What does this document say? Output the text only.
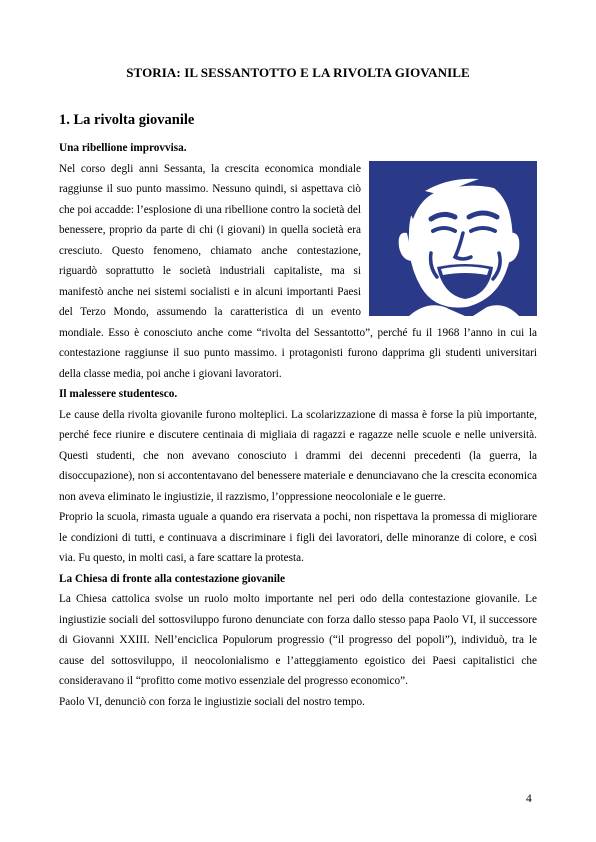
STORIA: IL SESSANTOTTO E LA RIVOLTA GIOVANILE
1. La rivolta giovanile

Una ribellione improvvisa.

Nel corso degli anni Sessanta, la crescita economica mondiale raggiunse il suo punto massimo. Nessuno quindi, si aspettava ciò che poi accadde: l’esplosione di una ribellione contro la società del benessere, proprio da parte di chi (i giovani) in quella società era cresciuto. Questo fenomeno, chiamato anche contestazione, riguardò soprattutto le società industriali capitaliste, ma si manifestò anche nei sistemi socialisti e in alcuni importanti Paesi del Terzo Mondo, assumendo la caratteristica di un evento mondiale. Esso è conosciuto anche come “rivolta del Sessantotto”, perché fu il 1968 l’anno in cui la contestazione raggiunse il suo punto massimo. i protagonisti furono dapprima gli studenti universitari della classe media, poi anche i giovani lavoratori.

Il malessere studentesco.

Le cause della rivolta giovanile furono molteplici. La scolarizzazione di massa è forse la più importante, perché fece riunire e discutere centinaia di migliaia di ragazzi e ragazze nelle scuole e nelle università. Questi studenti, che non avevano conosciuto i drammi dei decenni precedenti (la guerra, la disoccupazione), non si accontentavano del benessere materiale e denunciavano che la crescita economica non aveva eliminato le ingiustizie, il razzismo, l’oppressione neocoloniale e le guerre.

Proprio la scuola, rimasta uguale a quando era riservata a pochi, non rispettava la promessa di migliorare le condizioni di tutti, e continuava a discriminare i figli dei lavoratori, delle minoranze di colore, e così via. Fu questo, in molti casi, a fare scattare la protesta.

La Chiesa di fronte alla contestazione giovanile

La Chiesa cattolica svolse un ruolo molto importante nel peri odo della contestazione giovanile. Le ingiustizie sociali del sottosviluppo furono denunciate con forza dallo stesso papa Paolo VI, il successore di Giovanni XXIII. Nell’enciclica Populorum progressio (“il progresso del popoli”), individuò, tra le cause del sottosviluppo, il neocolonialismo e l’atteggiamento egoistico dei Paesi capitalistici che consideravano il “profitto come motivo essenziale del progresso economico”.

Paolo VI, denunciò con forza le ingiustizie sociali del nostro tempo.

4
